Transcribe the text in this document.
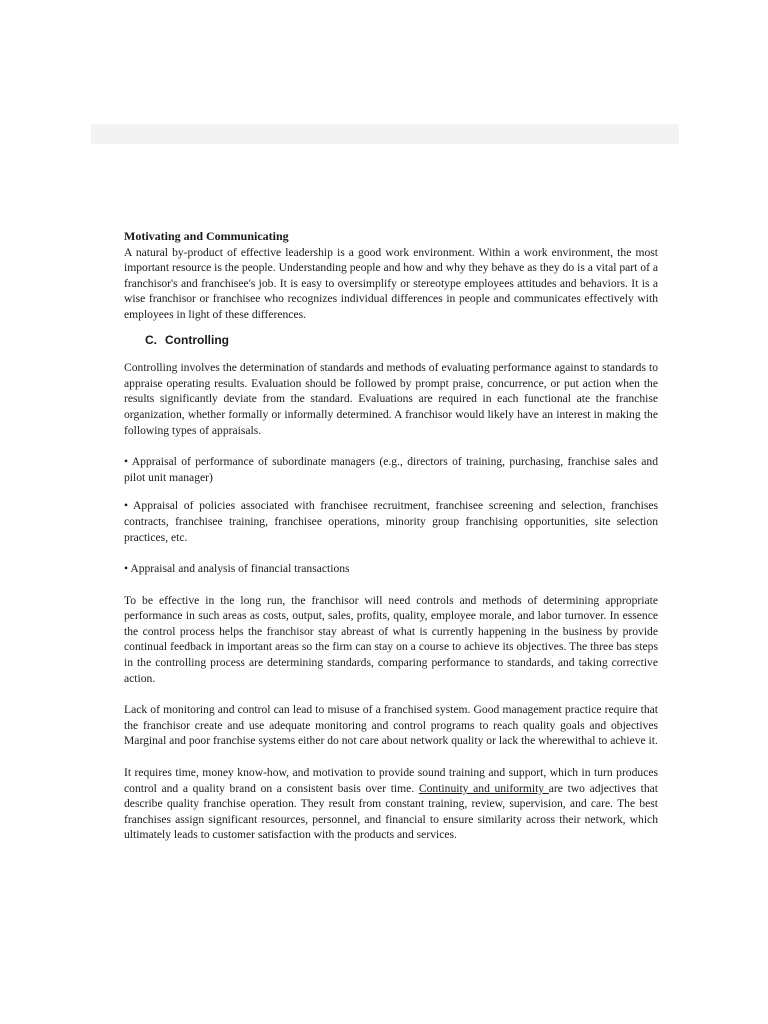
Motivating and Communicating

A natural by-product of effective leadership is a good work environment. Within a work environment, the most important resource is the people. Understanding people and how and why they behave as they do is a vital part of a franchisor's and franchisee's job. It is easy to oversimplify or stereotype employees attitudes and behaviors. It is a wise franchisor or franchisee who recognizes individual differences in people and communicates effectively with employees in light of these differences.

C. Controlling

Controlling involves the determination of standards and methods of evaluating performance against to standards to appraise operating results. Evaluation should be followed by prompt praise, concurrence, or put action when the results significantly deviate from the standard. Evaluations are required in each functional ate the franchise organization, whether formally or informally determined. A franchisor would likely have an interest in making the following types of appraisals.

• Appraisal of performance of subordinate managers (e.g., directors of training, purchasing, franchise sales and pilot unit manager)

• Appraisal of policies associated with franchisee recruitment, franchisee screening and selection, franchises contracts, franchisee training, franchisee operations, minority group franchising opportunities, site selection practices, etc.

• Appraisal and analysis of financial transactions

To be effective in the long run, the franchisor will need controls and methods of determining appropriate performance in such areas as costs, output, sales, profits, quality, employee morale, and labor turnover. In essence the control process helps the franchisor stay abreast of what is currently happening in the business by provide continual feedback in important areas so the firm can stay on a course to achieve its objectives. The three bas steps in the controlling process are determining standards, comparing performance to standards, and taking corrective action.

Lack of monitoring and control can lead to misuse of a franchised system. Good management practice require that the franchisor create and use adequate monitoring and control programs to reach quality goals and objectives Marginal and poor franchise systems either do not care about network quality or lack the wherewithal to achieve it.

It requires time, money know-how, and motivation to provide sound training and support, which in turn produces control and a quality brand on a consistent basis over time. Continuity and uniformity are two adjectives that describe quality franchise operation. They result from constant training, review, supervision, and care. The best franchises assign significant resources, personnel, and financial to ensure similarity across their network, which ultimately leads to customer satisfaction with the products and services.
